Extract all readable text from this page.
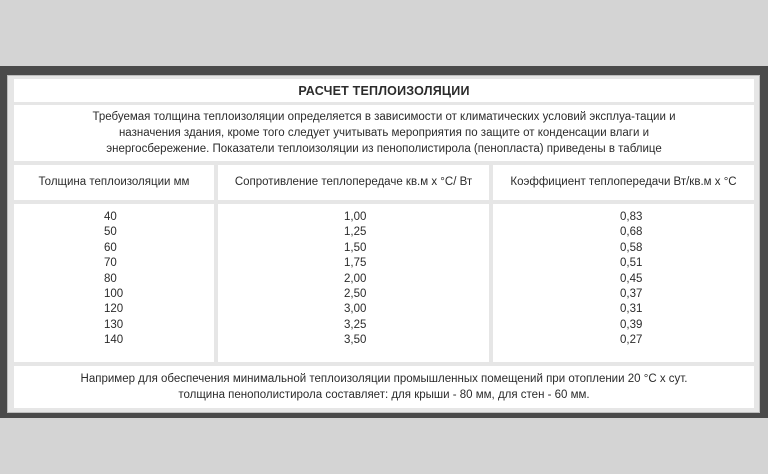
РАСЧЕТ ТЕПЛОИЗОЛЯЦИИ
Требуемая толщина теплоизоляции определяется в зависимости от климатических условий эксплуа-тации и
назначения здания, кроме того следует учитывать мероприятия по защите от конденсации влаги и
энергосбережение. Показатели теплоизоляции из пенополистирола (пенопласта) приведены в таблице
Толщина теплоизоляции мм	Сопротивление теплопередаче кв.м х °С/ Вт	Коэффициент теплопередачи Вт/кв.м х °С
40
50
60
70
80
100
120
130
140
1,00
1,25
1,50
1,75
2,00
2,50
3,00
3,25
3,50
0,83
0,68
0,58
0,51
0,45
0,37
0,31
0,39
0,27
Например для обеспечения минимальной теплоизоляции промышленных помещений при отоплении 20 °С х сут.
толщина пенополистирола составляет: для крыши - 80 мм, для стен - 60 мм.
